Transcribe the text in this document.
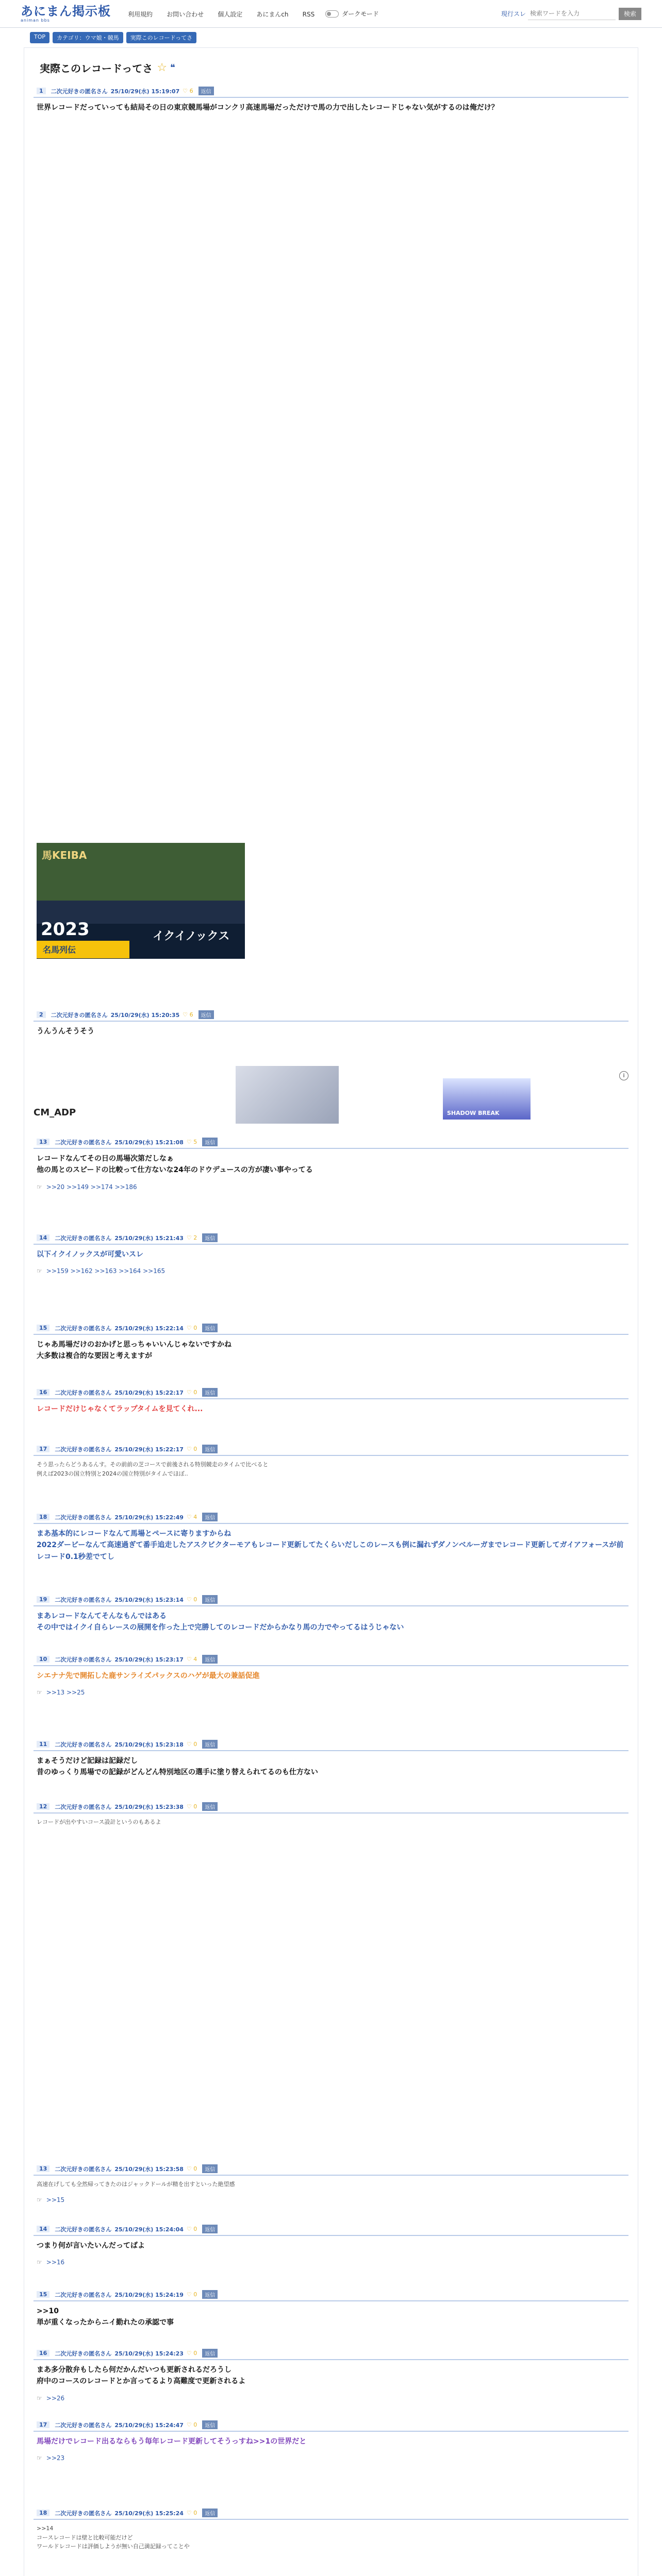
あにまん掲示板
animan bbs
利用規約 お問い合わせ 個人設定 あにまんch RSS	ダークモード	現行スレ
検索ワードを入力	検索
TOP	カテゴリ：ウマ娘・競馬	実際このレコードってさ
実際このレコードってさ ☆ ❝
馬KEIBA
2023
名馬列伝
イクイノックス
CM_ADP	SHADOW BREAK
i
1	二次元好きの匿名さん 25/10/29(水) 15:19:07 ♡ 6	返信
世界レコードだっていっても結局その日の東京競馬場がコンクリ高速馬場だっただけで馬の力で出したレコードじゃない気がするのは俺だけ？
2	二次元好きの匿名さん 25/10/29(水) 15:20:35 ♡ 6	返信
うんうんそうそう
13	二次元好きの匿名さん 25/10/29(水) 15:21:08 ♡ 5	返信
レコードなんてその日の馬場次第だしなぁ
他の馬とのスピードの比較って仕方ないな24年のドウデュースの方が凄い事やってる
☞ >>20 >>149 >>174 >>186
14	二次元好きの匿名さん 25/10/29(水) 15:21:43 ♡ 2	返信
以下イクイノックスが可愛いスレ
☞ >>159 >>162 >>163 >>164 >>165
15	二次元好きの匿名さん 25/10/29(水) 15:22:14 ♡ 0	返信
じゃあ馬場だけのおかげと思っちゃいいんじゃないですかね
大多数は複合的な要因と考えますが
16	二次元好きの匿名さん 25/10/29(水) 15:22:17 ♡ 0	返信
レコードだけじゃなくてラップタイムを見てくれ...
17	二次元好きの匿名さん 25/10/29(水) 15:22:17 ♡ 0	返信
そう思ったらどうあるんす。その前前の芝コースで前後される特別競走のタイムで比べると
例えば2023の国立特別と2024の国立特別がタイムでほぼ..
18	二次元好きの匿名さん 25/10/29(水) 15:22:49 ♡ 4	返信
まあ基本的にレコードなんて馬場とペースに寄りますからね
2022ダービーなんて高速過ぎて番手追走したアスクビクターモアもレコード更新してたくらいだしこのレースも例に漏れずダノンベルーガまでレコード更新してガイアフォースが前レコード0.1秒差でてし
19	二次元好きの匿名さん 25/10/29(水) 15:23:14 ♡ 0	返信
まあレコードなんてそんなもんではある
その中ではイクイ自らレースの展開を作った上で完勝してのレコードだからかなり馬の力でやってるはうじゃない
10	二次元好きの匿名さん 25/10/29(水) 15:23:17 ♡ 4	返信
シエナナ先で開拓した鹿サンライズパックスのハゲが最大の兼話促進
☞ >>13 >>25
11	二次元好きの匿名さん 25/10/29(水) 15:23:18 ♡ 0	返信
まぁそうだけど記録は記録だし
昔のゆっくり馬場での記録がどんどん特別地区の選手に塗り替えられてるのも仕方ない
12	二次元好きの匿名さん 25/10/29(水) 15:23:38 ♡ 0	返信
レコードが出やすいコース設計というのもあるよ
13	二次元好きの匿名さん 25/10/29(水) 15:23:58 ♡ 0	返信
高速在げしても全然帰ってきたのはジャックドールが精を出すといった絶望感
☞ >>15
14	二次元好きの匿名さん 25/10/29(水) 15:24:04 ♡ 0	返信
つまり何が言いたいんだってばよ
☞ >>16
15	二次元好きの匿名さん 25/10/29(水) 15:24:19 ♡ 0	返信
>>10
単が重くなったからニイ勤れたの承認で事
16	二次元好きの匿名さん 25/10/29(水) 15:24:23 ♡ 0	返信
まあ多分散弁もしたら何だかんだいつも更新されるだろうし
府中のコースのレコードとか言ってるより高難度で更新されるよ
☞ >>26
17	二次元好きの匿名さん 25/10/29(水) 15:24:47 ♡ 0	返信
馬場だけでレコード出るならもう毎年レコード更新してそうっすね>>1の世界だと
☞ >>23
18	二次元好きの匿名さん 25/10/29(水) 15:25:24 ♡ 0	返信
>>14
コースレコードは壁と比較可能だけど
ワールドレコードは評価しようが無い自己満記録ってことや
